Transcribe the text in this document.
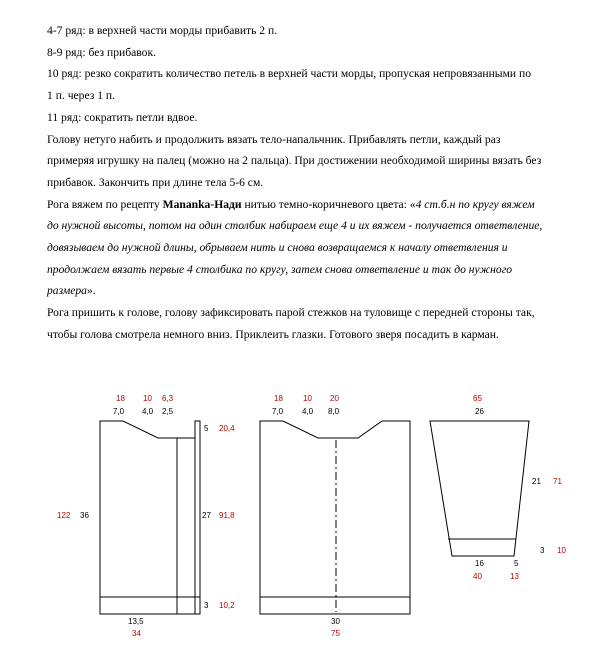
4-7 ряд: в верхней части морды прибавить 2 п.

8-9 ряд: без прибавок.

10 ряд: резко сократить количество петель в верхней части морды, пропуская непровязанными по

1 п. через 1 п.

11 ряд: сократить петли вдвое.

Голову нетуго набить и продолжить вязать тело-напальчник. Прибавлять петли, каждый раз

примеряя игрушку на палец (можно на 2 пальца). При достижении необходимой ширины вязать без

прибавок. Закончить при длине тела 5-6 см.

Рога вяжем по рецепту Mananka-Нади нитью темно-коричневого цвета: «4 ст.б.н по кругу вяжем

до нужной высоты, потом на один столбик набираем еще 4 и их вяжем - получается ответвление,

довязываем до нужной длины, обрываем нить и снова возвращаемся к началу ответвления и

продолжаем вязать первые 4 столбика по кругу, затем снова ответвление и так до нужного

размера».

Рога пришить к голове, голову зафиксировать парой стежков на туловище с передней стороны так,

чтобы голова смотрела немного вниз. Приклеить глазки. Готового зверя посадить в карман.

18 10 6,3
7,0 4,0 2,5
5 20,4
27 91,8
3 10,2
122 36
13,5
34
18	10 20
7,0 4,0 8,0
30
75
65
26
21 71
16	5
3
40	13
10
